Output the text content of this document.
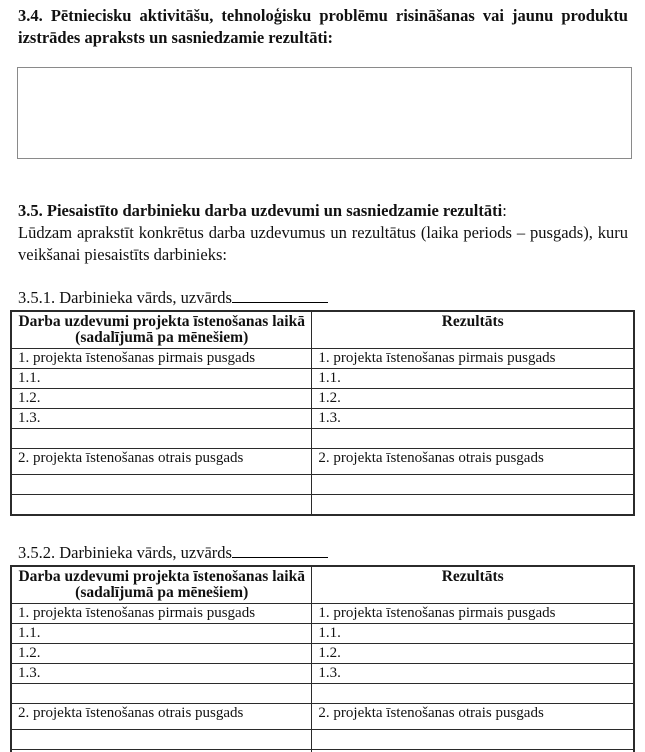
3.4. Pētniecisku aktivitāšu, tehnoloģisku problēmu risināšanas vai jaunu produktu izstrādes apraksts un sasniedzamie rezultāti:

3.5. Piesaistīto darbinieku darba uzdevumi un sasniedzamie rezultāti:

Lūdzam aprakstīt konkrētus darba uzdevumus un rezultātus (laika periods – pusgads), kuru veikšanai piesaistīts darbinieks:

3.5.1. Darbinieka vārds, uzvārds

Darba uzdevumi projekta īstenošanas laikā (sadalījumā pa mēnešiem)	Rezultāts
1. projekta īstenošanas pirmais pusgads	1. projekta īstenošanas pirmais pusgads
1.1.	1.1.
1.2.	1.2.
1.3.	1.3.

2. projekta īstenošanas otrais pusgads	2. projekta īstenošanas otrais pusgads

3.5.2. Darbinieka vārds, uzvārds

Darba uzdevumi projekta īstenošanas laikā (sadalījumā pa mēnešiem)	Rezultāts
1. projekta īstenošanas pirmais pusgads	1. projekta īstenošanas pirmais pusgads
1.1.	1.1.
1.2.	1.2.
1.3.	1.3.

2. projekta īstenošanas otrais pusgads	2. projekta īstenošanas otrais pusgads
